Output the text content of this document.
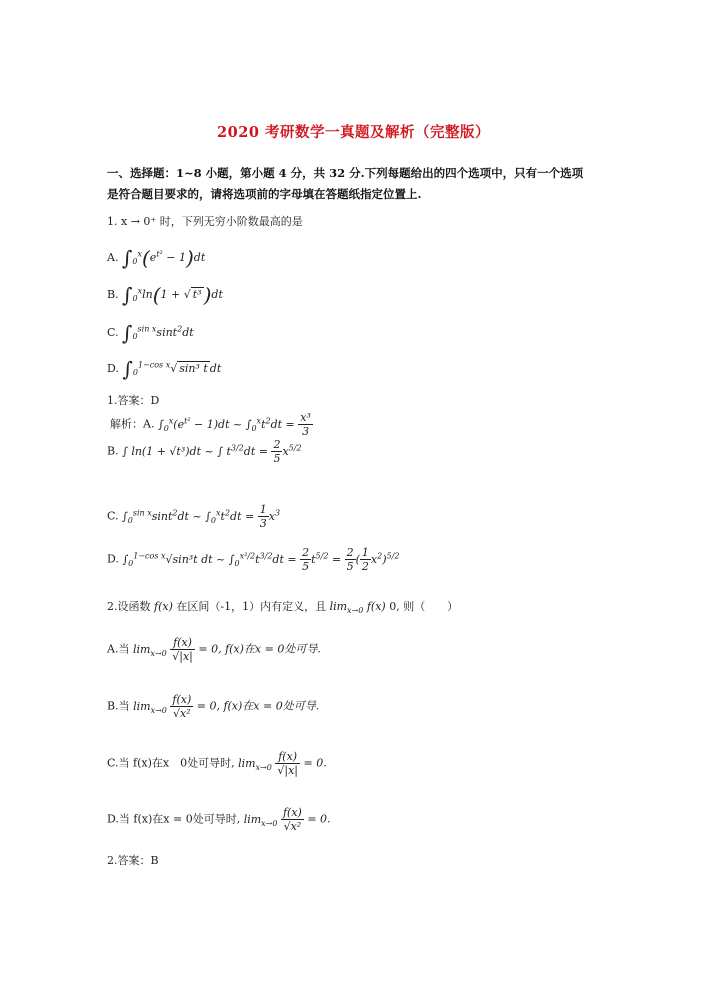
2020 考研数学一真题及解析（完整版）
一、选择题：1~8 小题，第小题 4 分，共 32 分.下列每题给出的四个选项中，只有一个选项
是符合题目要求的，请将选项前的字母填在答题纸指定位置上.
1. x → 0⁺ 时，下列无穷小阶数最高的是
A. $\int_0^x(e^{t^2} - 1)dt$
B. $\int_0^x\ln(1$ + √ t³ )dt
C. $\int_0^{sin x}\sin t^2dt$
D. $\int_0^{1-cos x}√$ sin³ t dt
1.答案：D
解析：A. $\int_0^x(e^{t^2} - 1)dt$ ~ $\int_0^xt^2dt = \frac{\text{x³}}{3}$
B. ∫ ln(1 + √t³)dt ~ ∫ $t^{3/2}dt = \frac{2}{5} x^{5/2}$
C. $\int_0^{sin x}\sin t^2dt$ ~ $\int_0^xt^2dt = \frac{1}{3} x^3$
D. $\int_0^{1-cos x}√\sin^3t$ dt ~ $\int_0^{x^2/2}t^{3/2}dt = \frac{2}{5} t^{5/2} = \frac{2}{5}$ ( $\frac{1}{2} x^2)^{5/2}$
2.设函数 f(x) 在区间（-1，1）内有定义，且 $\lim_{x\to 0} f(x)$ 0, 则（　　）
A.当 $\lim_{x\to 0} \frac{f(x)}{√|x|} = 0$, f(x)在x = 0处可导.
B.当 $\lim_{x\to 0} \frac{f(x)}{\text{√x²}} = 0$, f(x)在x = 0处可导.
C.当 f(x)在x　0处可导时, $\lim_{x\to 0} \frac{f(x)}{√|x|} = 0$.
D.当 f(x)在x = 0处可导时, $\lim_{x\to 0} \frac{f(x)}{\text{√x²}} = 0$.
2.答案：B
